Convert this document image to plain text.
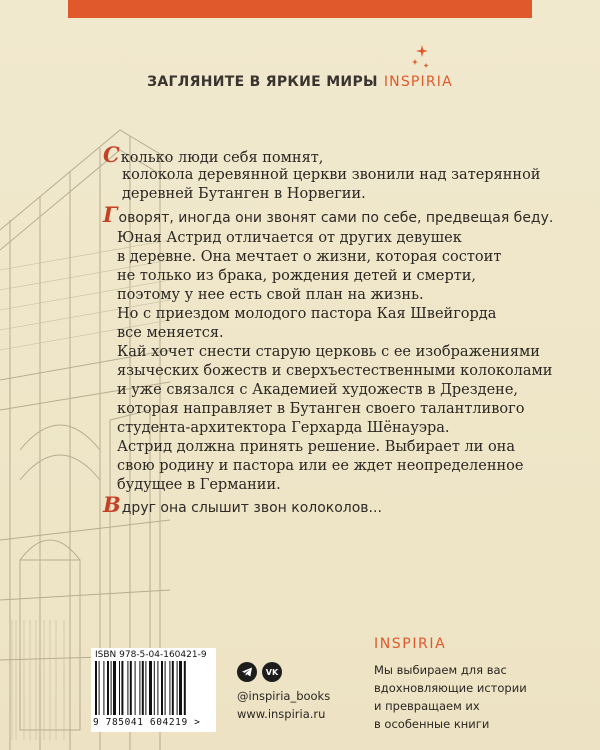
ЗАГЛЯНИТЕ В ЯРКИЕ МИРЫ INSPIRIA
Сколько люди себя помнят,
колокола деревянной церкви звонили над затерянной
деревней Бутанген в Норвегии.
Говорят, иногда они звонят сами по себе, предвещая беду.
Юная Астрид отличается от других девушек
в деревне. Она мечтает о жизни, которая состоит
не только из брака, рождения детей и смерти,
поэтому у нее есть свой план на жизнь.
Но с приездом молодого пастора Кая Швейгорда
все меняется.
Кай хочет снести старую церковь с ее изображениями
языческих божеств и сверхъестественными колоколами
и уже связался с Академией художеств в Дрездене,
которая направляет в Бутанген своего талантливого
студента-архитектора Герхарда Шёнауэра.
Астрид должна принять решение. Выбирает ли она
свою родину и пастора или ее ждет неопределенное
будущее в Германии.
Вдруг она слышит звон колоколов...
ISBN 978-5-04-160421-9
9 785041 604219 >
VK
@inspiria_books
www.inspiria.ru
INSPIRIA
Мы выбираем для вас
вдохновляющие истории
и превращаем их
в особенные книги
